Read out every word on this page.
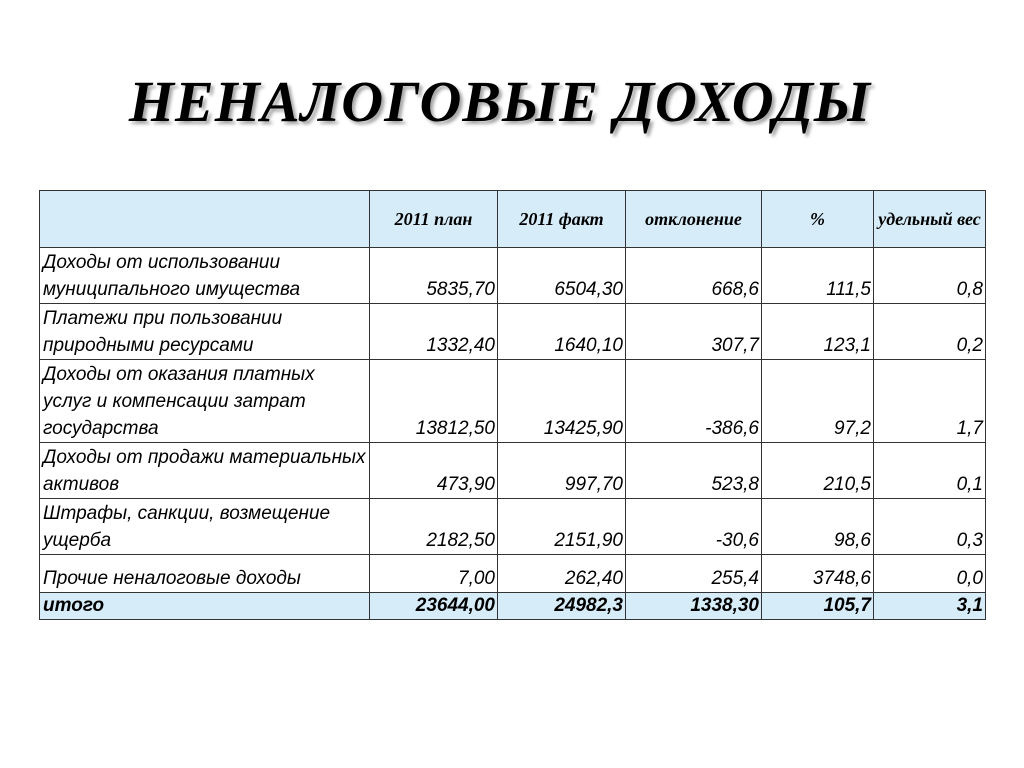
НЕНАЛОГОВЫЕ ДОХОДЫ
	2011 план	2011 факт	отклонение	%	удельный вес
Доходы от использовании муниципального имущества	5835,70	6504,30	668,6	111,5	0,8
Платежи при пользовании природными ресурсами	1332,40	1640,10	307,7	123,1	0,2
Доходы от оказания платных услуг и компенсации затрат государства	13812,50	13425,90	-386,6	97,2	1,7
Доходы от продажи материальных активов	473,90	997,70	523,8	210,5	0,1
Штрафы, санкции, возмещение ущерба	2182,50	2151,90	-30,6	98,6	0,3
Прочие неналоговые доходы	7,00	262,40	255,4	3748,6	0,0
итого	23644,00	24982,3	1338,30	105,7	3,1
